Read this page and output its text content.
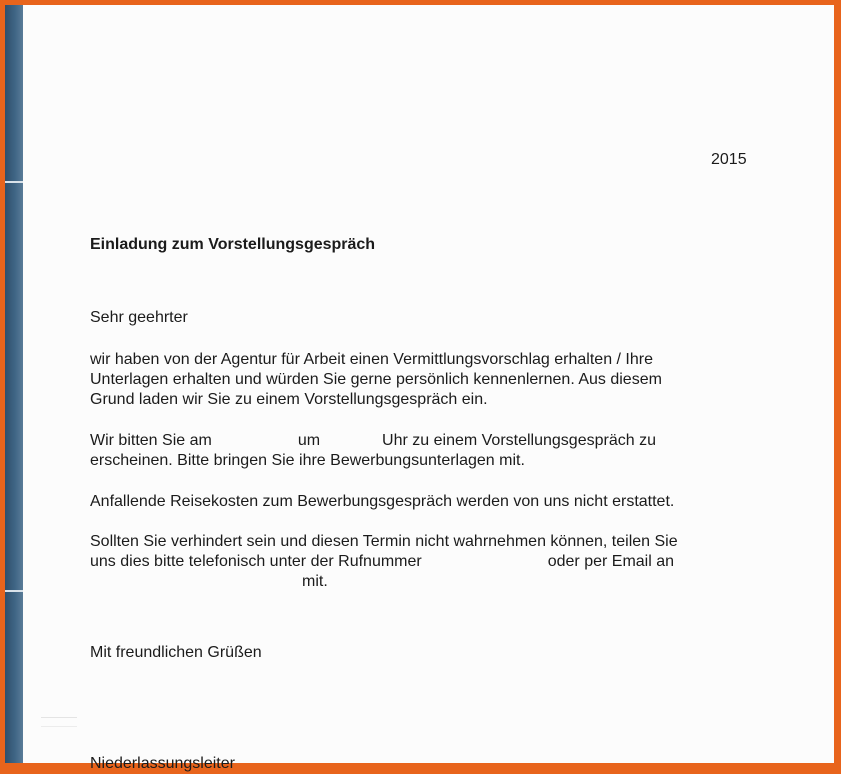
2015
Einladung zum Vorstellungsgespräch
Sehr geehrter
wir haben von der Agentur für Arbeit einen Vermittlungsvorschlag erhalten / Ihre
Unterlagen erhalten und würden Sie gerne persönlich kennenlernen. Aus diesem
Grund laden wir Sie zu einem Vorstellungsgespräch ein.
Wir bitten Sie am	um	Uhr zu einem Vorstellungsgespräch zu
erscheinen. Bitte bringen Sie ihre Bewerbungsunterlagen mit.
Anfallende Reisekosten zum Bewerbungsgespräch werden von uns nicht erstattet.
Sollten Sie verhindert sein und diesen Termin nicht wahrnehmen können, teilen Sie
uns dies bitte telefonisch unter der Rufnummer	oder per Email an
mit.
Mit freundlichen Grüßen
Niederlassungsleiter
